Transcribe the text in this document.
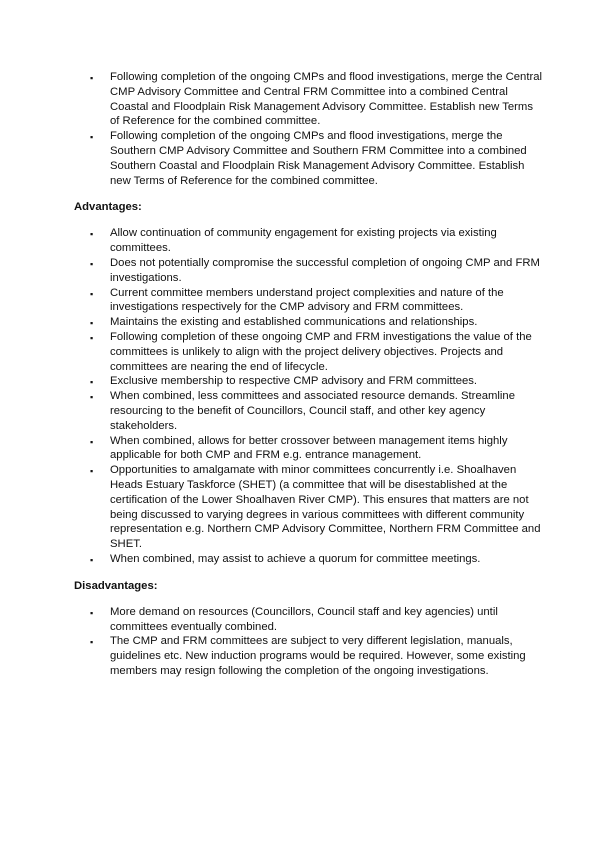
▪ Following completion of the ongoing CMPs and flood investigations, merge the Central CMP Advisory Committee and Central FRM Committee into a combined Central Coastal and Floodplain Risk Management Advisory Committee. Establish new Terms of Reference for the combined committee.
▪ Following completion of the ongoing CMPs and flood investigations, merge the Southern CMP Advisory Committee and Southern FRM Committee into a combined Southern Coastal and Floodplain Risk Management Advisory Committee. Establish new Terms of Reference for the combined committee.
Advantages:
▪ Allow continuation of community engagement for existing projects via existing committees.
▪ Does not potentially compromise the successful completion of ongoing CMP and FRM investigations.
▪ Current committee members understand project complexities and nature of the investigations respectively for the CMP advisory and FRM committees.
▪ Maintains the existing and established communications and relationships.
▪ Following completion of these ongoing CMP and FRM investigations the value of the committees is unlikely to align with the project delivery objectives. Projects and committees are nearing the end of lifecycle.
▪ Exclusive membership to respective CMP advisory and FRM committees.
▪ When combined, less committees and associated resource demands. Streamline resourcing to the benefit of Councillors, Council staff, and other key agency stakeholders.
▪ When combined, allows for better crossover between management items highly applicable for both CMP and FRM e.g. entrance management.
▪ Opportunities to amalgamate with minor committees concurrently i.e. Shoalhaven Heads Estuary Taskforce (SHET) (a committee that will be disestablished at the certification of the Lower Shoalhaven River CMP). This ensures that matters are not being discussed to varying degrees in various committees with different community representation e.g. Northern CMP Advisory Committee, Northern FRM Committee and SHET.
▪ When combined, may assist to achieve a quorum for committee meetings.
Disadvantages:
▪ More demand on resources (Councillors, Council staff and key agencies) until committees eventually combined.
▪ The CMP and FRM committees are subject to very different legislation, manuals, guidelines etc. New induction programs would be required. However, some existing members may resign following the completion of the ongoing investigations.
